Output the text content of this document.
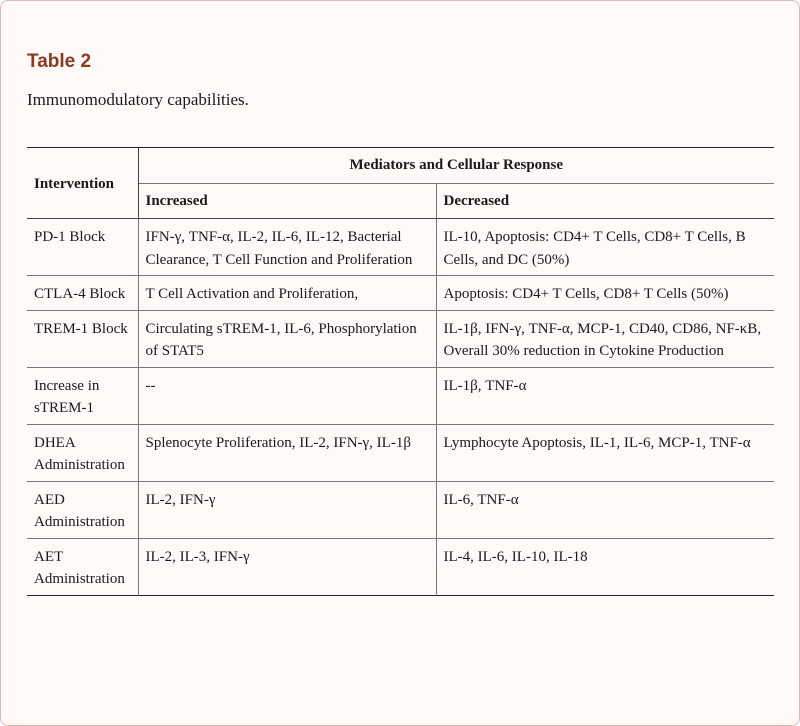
Table 2

Immunomodulatory capabilities.

Intervention	Mediators and Cellular Response	
	Increased	Decreased
PD-1 Block	IFN-γ, TNF-α, IL-2, IL-6, IL-12, Bacterial Clearance, T Cell Function and Proliferation	IL-10, Apoptosis: CD4+ T Cells, CD8+ T Cells, B Cells, and DC (50%)
CTLA-4 Block	T Cell Activation and Proliferation,	Apoptosis: CD4+ T Cells, CD8+ T Cells (50%)
TREM-1 Block	Circulating sTREM-1, IL-6, Phosphorylation of STAT5	IL-1β, IFN-γ, TNF-α, MCP-1, CD40, CD86, NF-κB, Overall 30% reduction in Cytokine Production
Increase in sTREM-1	--	IL-1β, TNF-α
DHEA Administration	Splenocyte Proliferation, IL-2, IFN-γ, IL-1β	Lymphocyte Apoptosis, IL-1, IL-6, MCP-1, TNF-α
AED Administration	IL-2, IFN-γ	IL-6, TNF-α
AET Administration	IL-2, IL-3, IFN-γ	IL-4, IL-6, IL-10, IL-18
